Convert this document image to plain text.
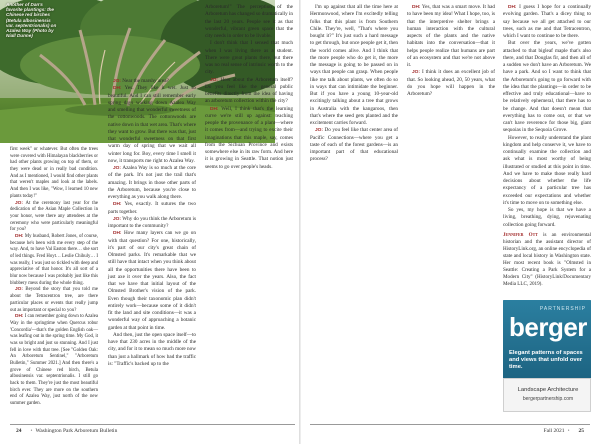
Another of Dan's favorite plantings: the Chinese red birches (Betula albosinensis var. septentrionalis) on Azalea Way (Photo by Niall Dunne)

first week" or whatever. But often the trees were covered with Himalayan blackberries or had other plants growing on top of them, or they were dead or in really bad condition. And as I mentioned, I would find other plants that weren't maples and look at the labels. And then I was like, "Wow, I learned 10 new plants today!"

JO: At the ceremony last year for the dedication of the Asian Maple Collection in your honor, were there any attendees at the ceremony who were particularly meaningful for you?

DH: My husband, Robert Jones, of course, because he's been with me every step of the way. And, to have Val Easton there… she sort of led things. Fred Hoyt… Leslie Chihuly… I was really, I was just so tickled with deep and appreciative of that honor. It's all sort of a blur now because I was probably just like this blubbery mess during the whole thing.

JO: Beyond the story that you told me about the Tetracentron tree, are there particular places or events that really jump out as important or special to you?

DH: I can remember going down to Azalea Way in the springtime when Quercus robur 'Concordia'—that's the golden English oak—was leafing out in the spring time. My God, it was so bright and just so stunning. And I just fell in love with that tree. [See "Golden Oak: An Arboretum Sentinel," "Arboretum Bulletin," Summer 2021.] And then there's a grove of Chinese red birch, Betula albosinensis var. septentrionalis. I still go back to them. They're just the most beautiful birch ever. They are more on the southern end of Azalea Way, just north of the new summer garden.

JO: Near the marshy area?

DH: Yes. They like it wet. Just so beautiful. And I can still remember early spring days walking down Azalea Way and smelling that wonderful sweetness of the cottonwoods. The cottonwoods are native down in that wet area. That's where they want to grow. But there was that, just that wonderful sweetness on that first warm day of spring that we wait all winter long for. Boy, every time I smell it now, it transports me right to Azalea Way.

JO: Azalea Way is so much at the core of the park. It's not just the trail that's amazing. It brings in those other parts of the Arboretum, because you're close to everything as you walk along there.

DH: Yes, exactly. It sutures the two parts together.

JO: Why do you think the Arboretum is important to the community?

DH: How many layers can we go on with that question? For one, historically, it's part of our city's great chain of Olmsted parks. It's remarkable that we still have that intact when you think about all the opportunities there have been to just axe it over the years. Also, the fact that we have that initial layout of the Olmsted Brother's vision of the park. Even though their taxonomic plan didn't entirely work—because some of it didn't fit the land and site conditions—it was a wonderful way of approaching a botanic garden at that point in time.

And then, just the open space itself—to have that 230 acres in the middle of the city, and for it to mean so much more now than just a hallmark of how bad the traffic is: "Traffic's backed up to the

Arboretum!" The perception of the Arboretum has changed so dramatically in the last 20 years. People see it as that wonderful, vibrant green space that the city needs in order to be livable.

I don't think that I sensed that much when I was living there as a student. There were great plants there, but there was no real sense of intrinsic worth to the city.

JO: How about the Arboretum itself? Do you feel like the general public benefits directly from the idea of having an arboretum collection within the city?

DH: Well, I think that's the learning curve we're still up against: teaching people the provenance of a plant—where it comes from—and trying to excite their imaginations that this maple, say, comes from the Sichuan Province and exists somewhere else in its raw form. And here it is growing in Seattle. That notion just seems to go over people's heads.

I'm up against that all the time here at Hermonwood, where I'm excitedly telling folks that this plant is from Southern Chile. They're, well, "That's where you bought it?" It's just such a hard message to get through, but once people get it, then the world comes alive. And I think that the more people who do get it, the more the message is going to be passed on in ways that people can grasp. When people like me talk about plants, we often do so in ways that can intimidate the beginner. But if you have a young 10-year-old excitingly talking about a tree that grows in Australia with the kangaroos, then that's where the seed gets planted and the excitement carries forward.

JO: Do you feel like that center area of Pacific Connections—where you get a taste of each of the forest gardens—is an important part of that educational process?

DH: Yes, that was a smart move. It had to have been my idea! What I hope, too, is that the interpretive shelter brings a human interaction with the cultural aspects of the plants and the native habitats into the conversation—that it helps people realize that humans are part of an ecosystem and that we're not above it.

JO: I think it does an excellent job of that. So looking ahead, 20, 50 years, what do you hope will happen in the Arboretum?

DH: I guess I hope for a continually evolving garden. That's a dicey thing to say because we all get attached to our trees, such as me and that Tetracentron, which I want to continue to be there.

But over the years, we've gotten attached to that bigleaf maple that's also there, and that Douglas fir, and then all of a sudden we don't have an Arboretum. We have a park. And so I want to think that the Arboretum's going to go forward with the idea that the plantings—in order to be effective and truly educational—have to be relatively ephemeral, that there has to be change. And that doesn't mean that everything has to come out, or that we can't have reverence for those big, giant sequoias in the Sequoia Grove.

However, to really understand the plant kingdom and help conserve it, we have to continually examine the collection and ask what is most worthy of being illustrated or studied at this point in time. And we have to make those really hard decisions about whether the life expectancy of a particular tree has exceeded our expectations and whether it's time to move on to something else.

So yes, my hope is that we have a living, breathing, dying, rejuvenating collection going forward.

Jennifer Ott is an environmental historian and the assistant director of HistoryLink.org, an online encyclopedia of state and local history in Washington state. Her most recent book is "Olmsted in Seattle: Creating a Park System for a Modern City" (HistoryLink/Documentary Media LLC, 2019).
PARTNERSHIP
berger
Elegant patterns of spaces and views that unfold over time.
Landscape Architecture
bergerpartnership.com
24 • Washington Park Arboretum Bulletin	Fall 2021 • 25
